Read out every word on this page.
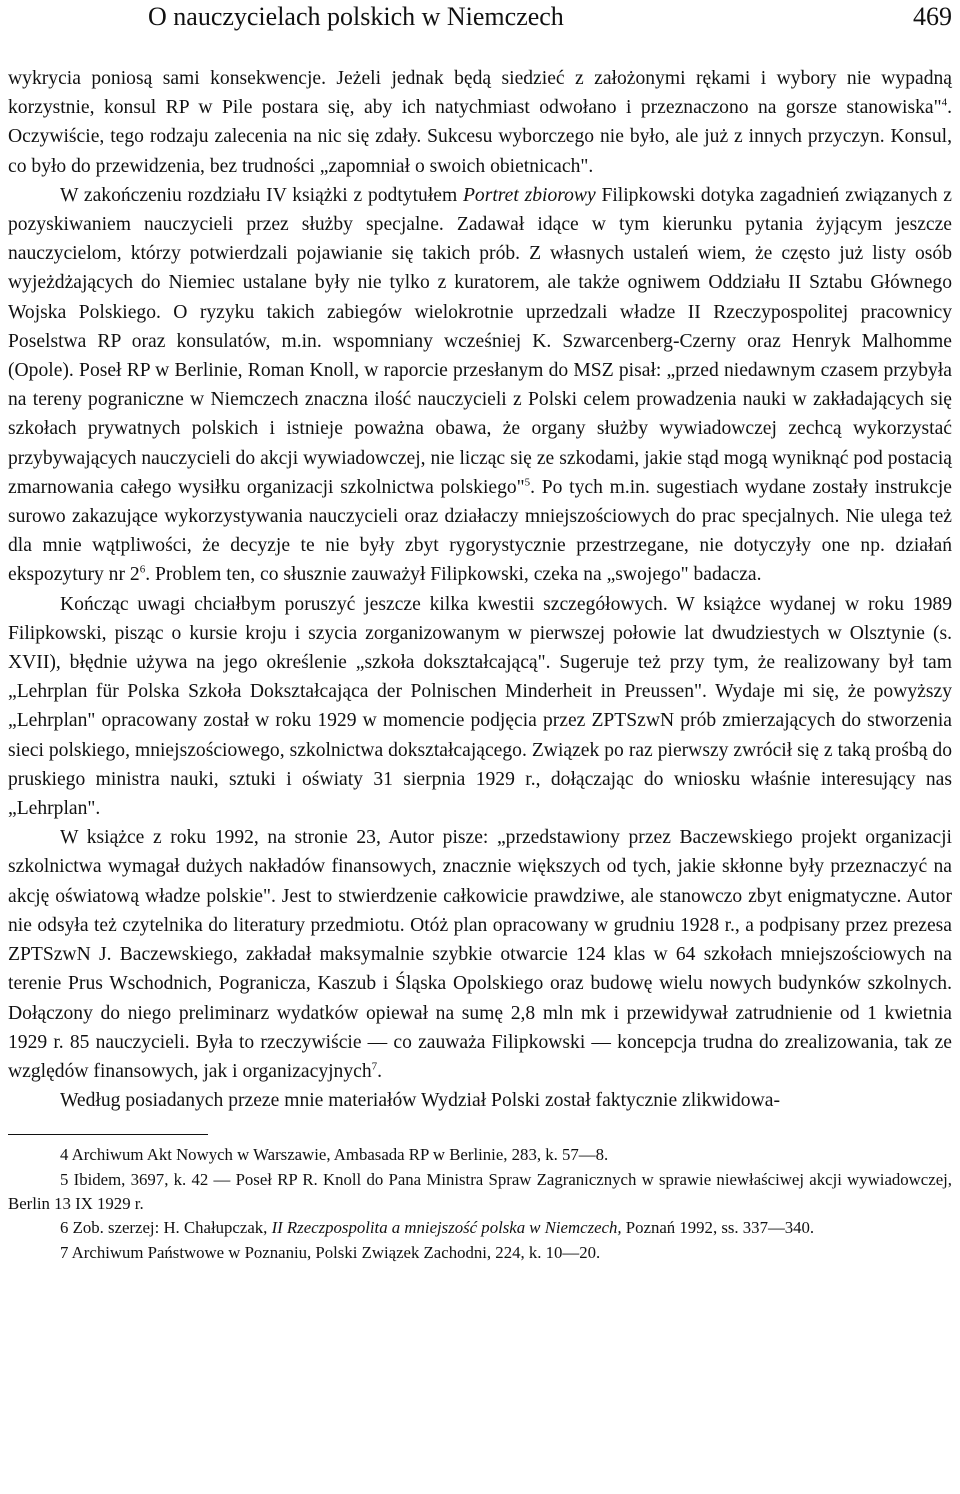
O nauczycielach polskich w Niemczech	469

wykrycia poniosą sami konsekwencje. Jeżeli jednak będą siedzieć z założonymi rękami i wybory nie wypadną korzystnie, konsul RP w Pile postara się, aby ich natychmiast odwołano i przeznaczono na gorsze stanowiska"$^4$. Oczywiście, tego rodzaju zalecenia na nic się zdały. Sukcesu wyborczego nie było, ale już z innych przyczyn. Konsul, co było do przewidzenia, bez trudności „zapomniał o swoich obietnicach".

W zakończeniu rozdziału IV książki z podtytułem Portret zbiorowy Filipkowski dotyka zagadnień związanych z pozyskiwaniem nauczycieli przez służby specjalne. Zadawał idące w tym kierunku pytania żyjącym jeszcze nauczycielom, którzy potwierdzali pojawianie się takich prób. Z własnych ustaleń wiem, że często już listy osób wyjeżdżających do Niemiec ustalane były nie tylko z kuratorem, ale także ogniwem Oddziału II Sztabu Głównego Wojska Polskiego. O ryzyku takich zabiegów wielokrotnie uprzedzali władze II Rzeczypospolitej pracownicy Poselstwa RP oraz konsulatów, m.in. wspomniany wcześniej K. Szwarcenberg-Czerny oraz Henryk Malhomme (Opole). Poseł RP w Berlinie, Roman Knoll, w raporcie przesłanym do MSZ pisał: „przed niedawnym czasem przybyła na tereny pograniczne w Niemczech znaczna ilość nauczycieli z Polski celem prowadzenia nauki w zakładających się szkołach prywatnych polskich i istnieje poważna obawa, że organy służby wywiadowczej zechcą wykorzystać przybywających nauczycieli do akcji wywiadowczej, nie licząc się ze szkodami, jakie stąd mogą wyniknąć pod postacią zmarnowania całego wysiłku organizacji szkolnictwa polskiego"$^5$. Po tych m.in. sugestiach wydane zostały instrukcje surowo zakazujące wykorzystywania nauczycieli oraz działaczy mniejszościowych do prac specjalnych. Nie ulega też dla mnie wątpliwości, że decyzje te nie były zbyt rygorystycznie przestrzegane, nie dotyczyły one np. działań ekspozytury nr $2^6$. Problem ten, co słusznie zauważył Filipkowski, czeka na „swojego" badacza.

Kończąc uwagi chciałbym poruszyć jeszcze kilka kwestii szczegółowych. W książce wydanej w roku 1989 Filipkowski, pisząc o kursie kroju i szycia zorganizowanym w pierwszej połowie lat dwudziestych w Olsztynie (s. XVII), błędnie używa na jego określenie „szkoła dokształcającą". Sugeruje też przy tym, że realizowany był tam „Lehrplan für Polska Szkoła Dokształcająca der Polnischen Minderheit in Preussen". Wydaje mi się, że powyższy „Lehrplan" opracowany został w roku 1929 w momencie podjęcia przez ZPTSzwN prób zmierzających do stworzenia sieci polskiego, mniejszościowego, szkolnictwa dokształcającego. Związek po raz pierwszy zwrócił się z taką prośbą do pruskiego ministra nauki, sztuki i oświaty 31 sierpnia 1929 r., dołączając do wniosku właśnie interesujący nas „Lehrplan".

W książce z roku 1992, na stronie 23, Autor pisze: „przedstawiony przez Baczewskiego projekt organizacji szkolnictwa wymagał dużych nakładów finansowych, znacznie większych od tych, jakie skłonne były przeznaczyć na akcję oświatową władze polskie". Jest to stwierdzenie całkowicie prawdziwe, ale stanowczo zbyt enigmatyczne. Autor nie odsyła też czytelnika do literatury przedmiotu. Otóż plan opracowany w grudniu 1928 r., a podpisany przez prezesa ZPTSzwN J. Baczewskiego, zakładał maksymalnie szybkie otwarcie 124 klas w 64 szkołach mniejszościowych na terenie Prus Wschodnich, Pogranicza, Kaszub i Śląska Opolskiego oraz budowę wielu nowych budynków szkolnych. Dołączony do niego preliminarz wydatków opiewał na sumę 2,8 mln mk i przewidywał zatrudnienie od 1 kwietnia 1929 r. 85 nauczycieli. Była to rzeczywiście — co zauważa Filipkowski — koncepcja trudna do zrealizowania, tak ze względów finansowych, jak i organizacyjnych$^7$.

Według posiadanych przeze mnie materiałów Wydział Polski został faktycznie zlikwidowa-

4 Archiwum Akt Nowych w Warszawie, Ambasada RP w Berlinie, 283, k. 57—8.

5 Ibidem, 3697, k. 42 — Poseł RP R. Knoll do Pana Ministra Spraw Zagranicznych w sprawie niewłaściwej akcji wywiadowczej, Berlin 13 IX 1929 r.

6 Zob. szerzej: H. Chałupczak, II Rzeczpospolita a mniejszość polska w Niemczech, Poznań 1992, ss. 337—340.

7 Archiwum Państwowe w Poznaniu, Polski Związek Zachodni, 224, k. 10—20.
